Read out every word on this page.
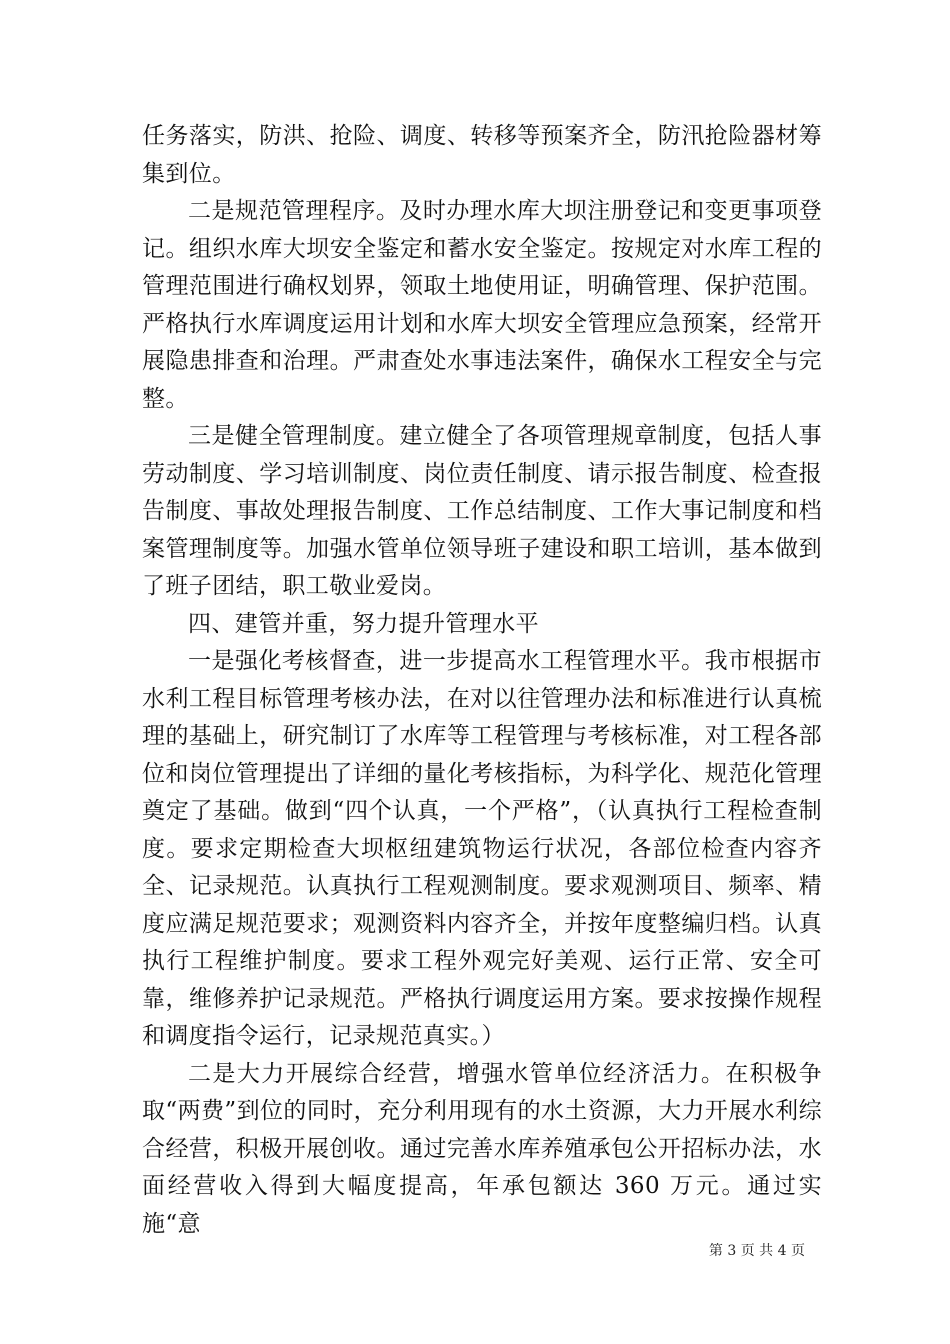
任务落实，防洪、抢险、调度、转移等预案齐全，防汛抢险器材筹集到位。

二是规范管理程序。及时办理水库大坝注册登记和变更事项登记。组织水库大坝安全鉴定和蓄水安全鉴定。按规定对水库工程的管理范围进行确权划界，领取土地使用证，明确管理、保护范围。严格执行水库调度运用计划和水库大坝安全管理应急预案，经常开展隐患排查和治理。严肃查处水事违法案件，确保水工程安全与完整。

三是健全管理制度。建立健全了各项管理规章制度，包括人事劳动制度、学习培训制度、岗位责任制度、请示报告制度、检查报告制度、事故处理报告制度、工作总结制度、工作大事记制度和档案管理制度等。加强水管单位领导班子建设和职工培训，基本做到了班子团结，职工敬业爱岗。

四、建管并重，努力提升管理水平

一是强化考核督查，进一步提高水工程管理水平。我市根据市水利工程目标管理考核办法，在对以往管理办法和标准进行认真梳理的基础上，研究制订了水库等工程管理与考核标准，对工程各部位和岗位管理提出了详细的量化考核指标，为科学化、规范化管理奠定了基础。做到“四个认真，一个严格”，（认真执行工程检查制度。要求定期检查大坝枢纽建筑物运行状况，各部位检查内容齐全、记录规范。认真执行工程观测制度。要求观测项目、频率、精度应满足规范要求；观测资料内容齐全，并按年度整编归档。认真执行工程维护制度。要求工程外观完好美观、运行正常、安全可靠，维修养护记录规范。严格执行调度运用方案。要求按操作规程和调度指令运行，记录规范真实。）

二是大力开展综合经营，增强水管单位经济活力。在积极争取“两费”到位的同时，充分利用现有的水土资源，大力开展水利综合经营，积极开展创收。通过完善水库养殖承包公开招标办法，水面经营收入得到大幅度提高，年承包额达 360 万元。通过实施“意

第 3 页 共 4 页
